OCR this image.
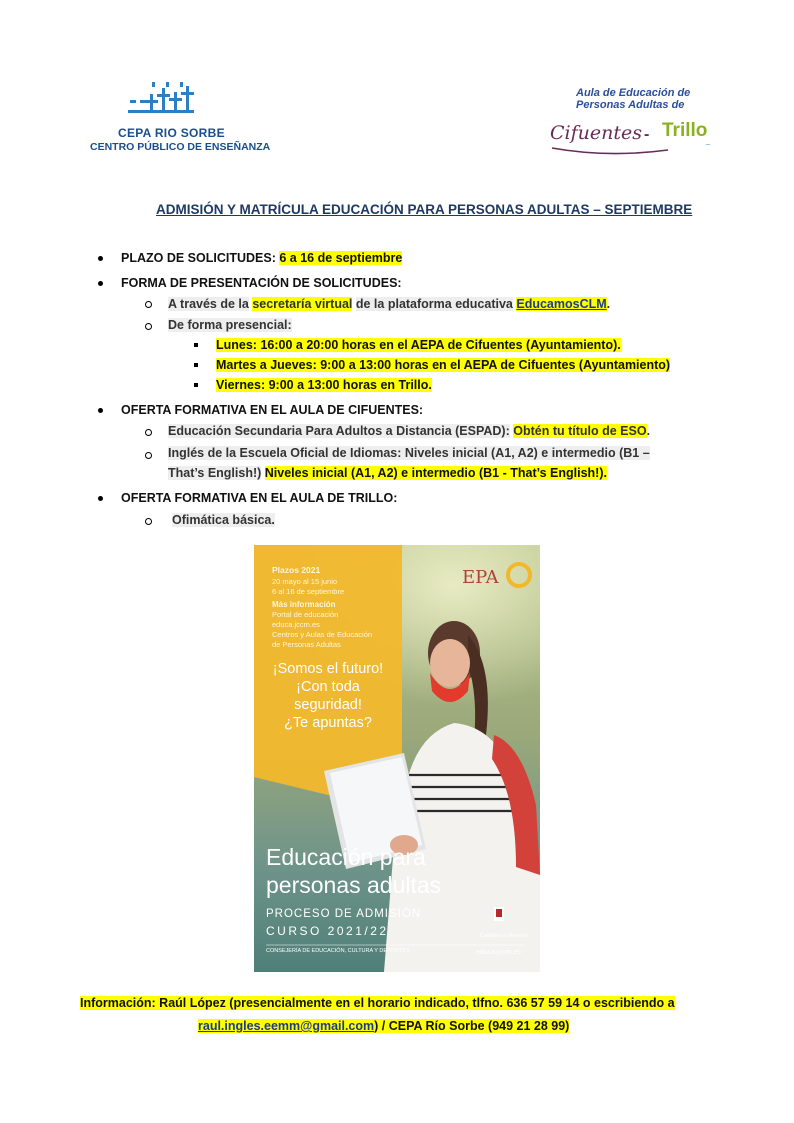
CEPA RIO SORBE
CENTRO PÚBLICO DE ENSEÑANZA
Aula de Educación de
Personas Adultas de
Cifuentes - Trillo
ADMISIÓN Y MATRÍCULA EDUCACIÓN PARA PERSONAS ADULTAS – SEPTIEMBRE
PLAZO DE SOLICITUDES: 6 a 16 de septiembre
FORMA DE PRESENTACIÓN DE SOLICITUDES:
A través de la secretaría virtual de la plataforma educativa EducamosCLM.
De forma presencial:
Lunes: 16:00 a 20:00 horas en el AEPA de Cifuentes (Ayuntamiento).
Martes a Jueves: 9:00 a 13:00 horas en el AEPA de Cifuentes (Ayuntamiento)
Viernes: 9:00 a 13:00 horas en Trillo.
OFERTA FORMATIVA EN EL AULA DE CIFUENTES:
Educación Secundaria Para Adultos a Distancia (ESPAD): Obtén tu título de ESO.
Inglés de la Escuela Oficial de Idiomas: Niveles inicial (A1, A2) e intermedio (B1 –
That’s English!) Niveles inicial (A1, A2) e intermedio (B1 - That’s English!).
OFERTA FORMATIVA EN EL AULA DE TRILLO:
Ofimática básica.
EPA
Plazos 2021
20 mayo al 15 junio
6 al 16 de septiembre
Más información
Portal de educación
educa.jccm.es
Centros y Aulas de Educación
de Personas Adultas
¡Somos el futuro!
¡Con toda
seguridad!
¿Te apuntas?
Educación para
personas adultas
PROCESO DE ADMISIÓN
CURSO 2021/22
CONSEJERÍA DE EDUCACIÓN, CULTURA Y DEPORTES
Castilla-La Mancha
educa.jccm.es
Información: Raúl López (presencialmente en el horario indicado, tlfno. 636 57 59 14 o escribiendo a
raul.ingles.eemm@gmail.com) / CEPA Río Sorbe (949 21 28 99)
